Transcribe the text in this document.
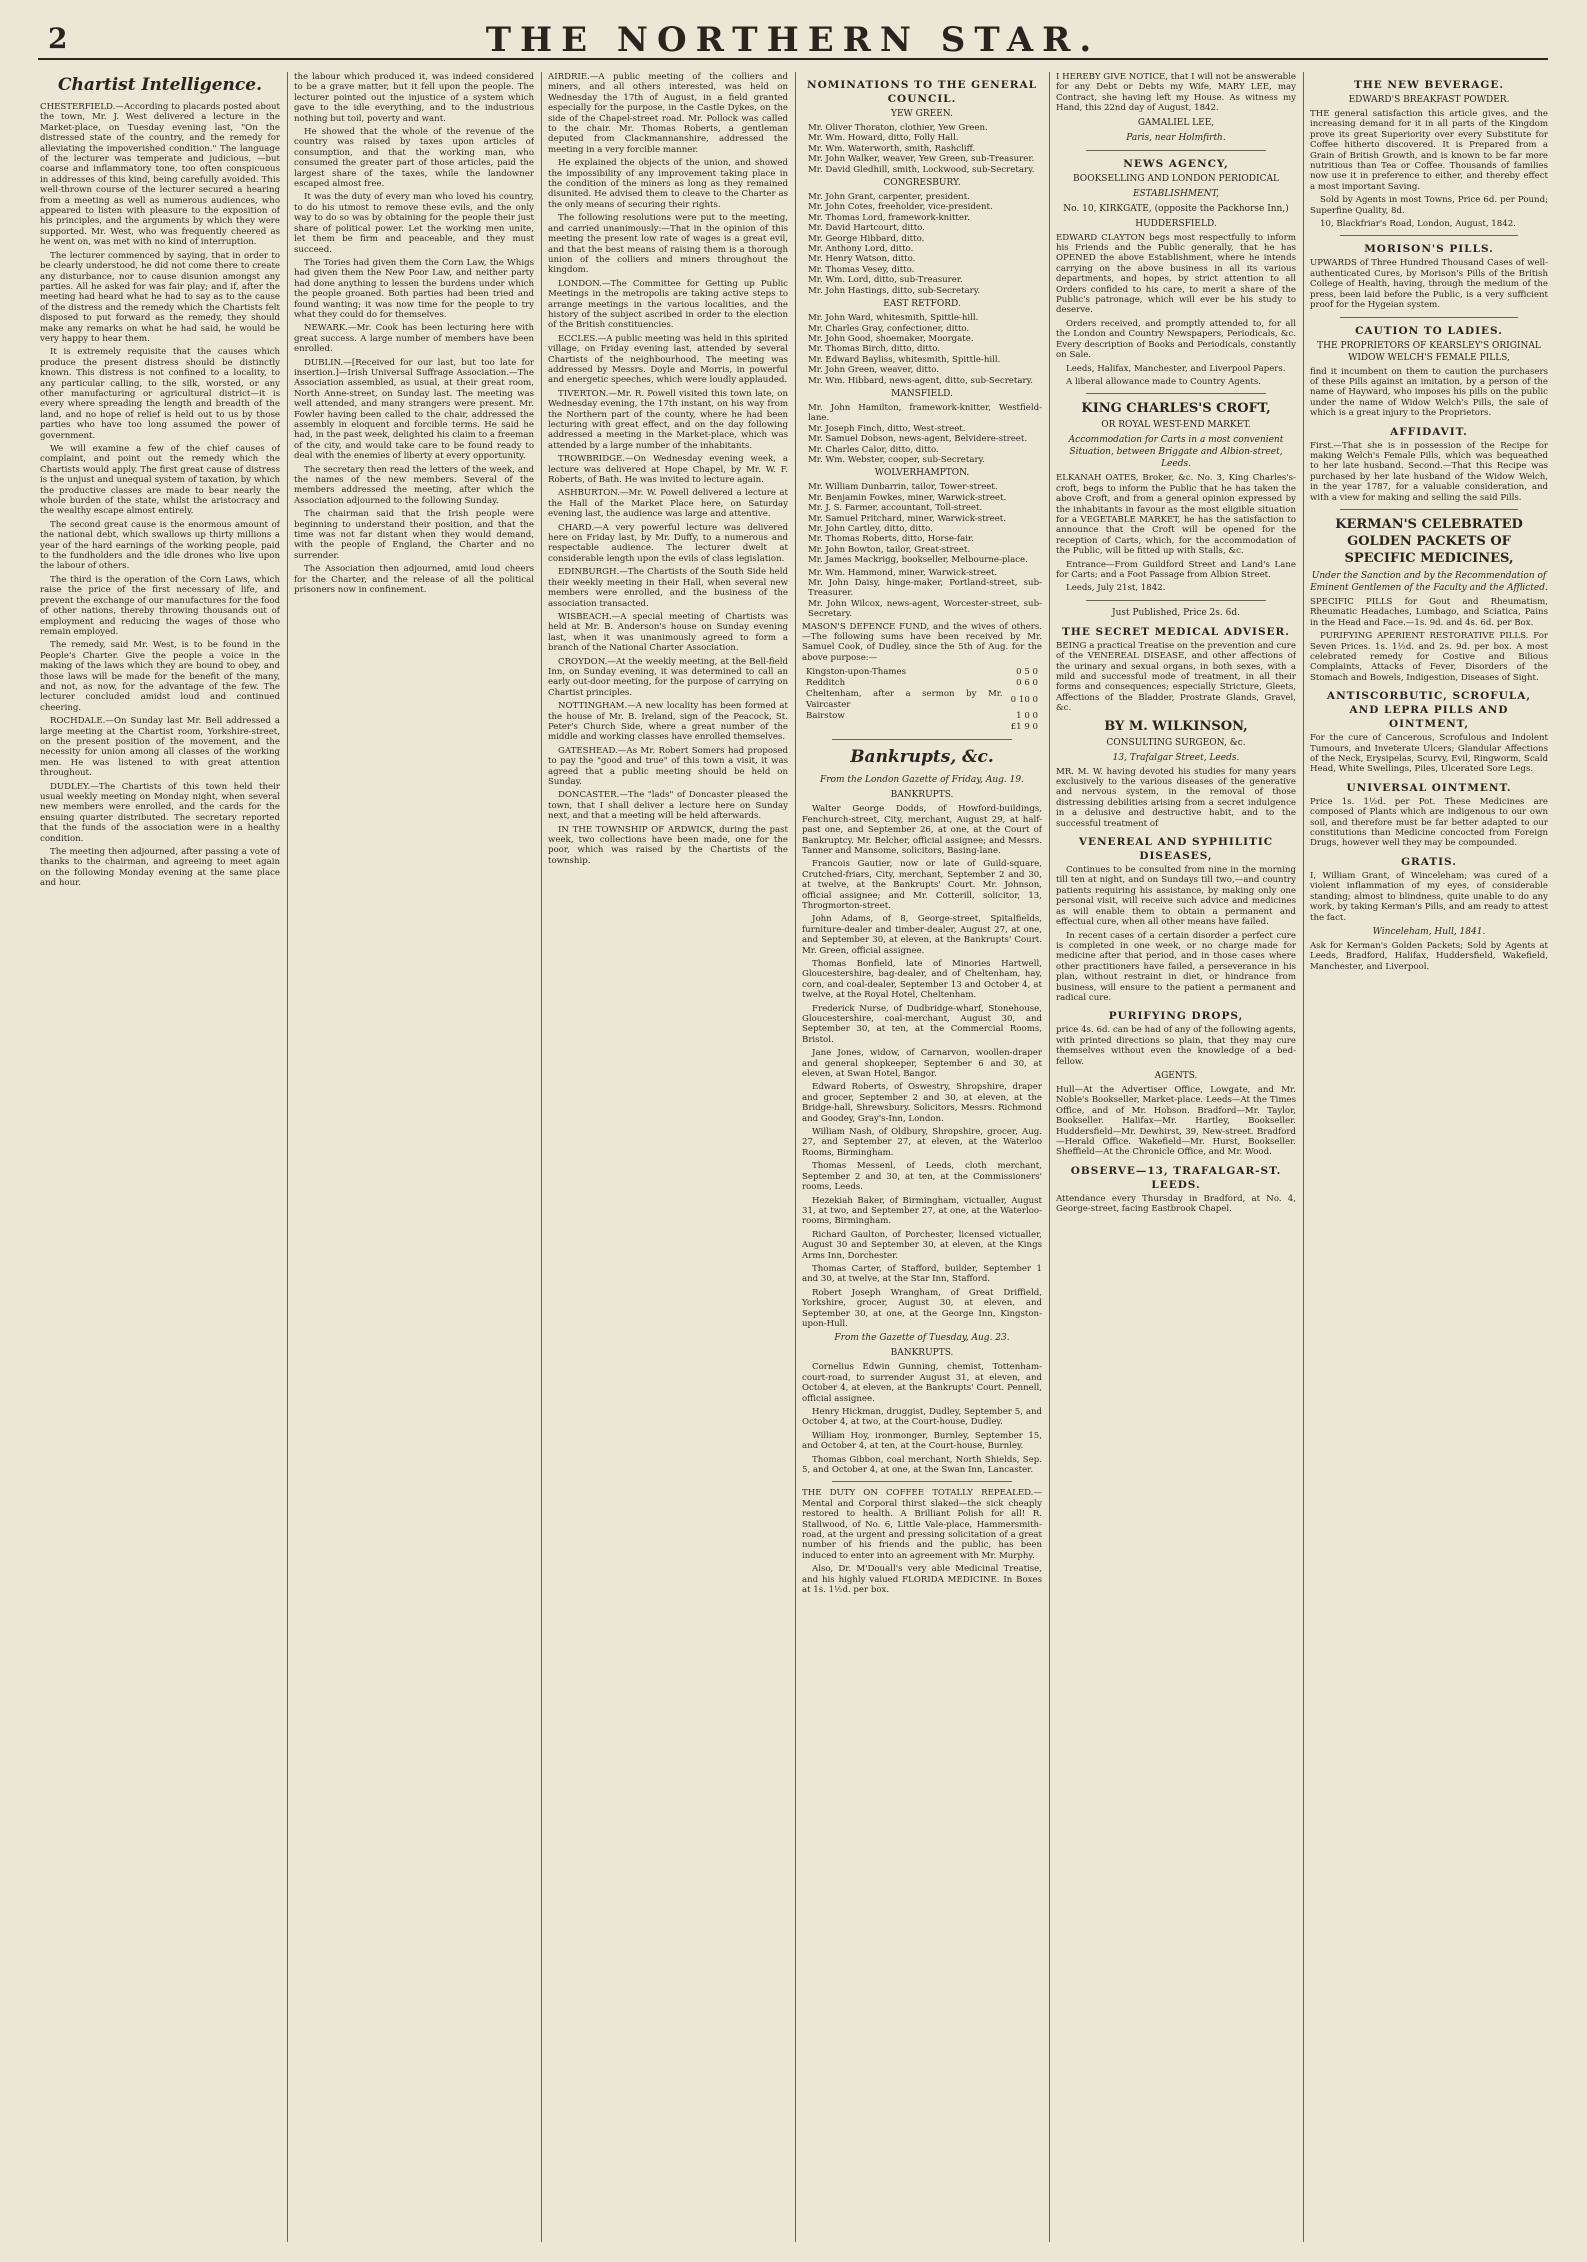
2	THE NORTHERN STAR.
Chartist Intelligence.

CHESTERFIELD.—According to placards posted about the town, Mr. J. West delivered a lecture in the Market-place, on Tuesday evening last, "On the distressed state of the country, and the remedy for alleviating the impoverished condition." The language of the lecturer was temperate and judicious, —but coarse and inflammatory tone, too often conspicuous in addresses of this kind, being carefully avoided. This well-thrown course of the lecturer secured a hearing from a meeting as well as numerous audiences, who appeared to listen with pleasure to the exposition of his principles, and the arguments by which they were supported. Mr. West, who was frequently cheered as he went on, was met with no kind of interruption.

The lecturer commenced by saying, that in order to be clearly understood, he did not come there to create any disturbance, nor to cause disunion amongst any parties. All he asked for was fair play; and if, after the meeting had heard what he had to say as to the cause of the distress and the remedy which the Chartists felt disposed to put forward as the remedy, they should make any remarks on what he had said, he would be very happy to hear them.

It is extremely requisite that the causes which produce the present distress should be distinctly known. This distress is not confined to a locality, to any particular calling, to the silk, worsted, or any other manufacturing or agricultural district—it is every where spreading the length and breadth of the land, and no hope of relief is held out to us by those parties who have too long assumed the power of government.

We will examine a few of the chief causes of complaint, and point out the remedy which the Chartists would apply. The first great cause of distress is the unjust and unequal system of taxation, by which the productive classes are made to bear nearly the whole burden of the state, whilst the aristocracy and the wealthy escape almost entirely.

The second great cause is the enormous amount of the national debt, which swallows up thirty millions a year of the hard earnings of the working people, paid to the fundholders and the idle drones who live upon the labour of others.

The third is the operation of the Corn Laws, which raise the price of the first necessary of life, and prevent the exchange of our manufactures for the food of other nations, thereby throwing thousands out of employment and reducing the wages of those who remain employed.

The remedy, said Mr. West, is to be found in the People's Charter. Give the people a voice in the making of the laws which they are bound to obey, and those laws will be made for the benefit of the many, and not, as now, for the advantage of the few. The lecturer concluded amidst loud and continued cheering.

ROCHDALE.—On Sunday last Mr. Bell addressed a large meeting at the Chartist room, Yorkshire-street, on the present position of the movement, and the necessity for union among all classes of the working men. He was listened to with great attention throughout.

DUDLEY.—The Chartists of this town held their usual weekly meeting on Monday night, when several new members were enrolled, and the cards for the ensuing quarter distributed. The secretary reported that the funds of the association were in a healthy condition.

The meeting then adjourned, after passing a vote of thanks to the chairman, and agreeing to meet again on the following Monday evening at the same place and hour.

the labour which produced it, was indeed considered to be a grave matter, but it fell upon the people. The lecturer pointed out the injustice of a system which gave to the idle everything, and to the industrious nothing but toil, poverty and want.

He showed that the whole of the revenue of the country was raised by taxes upon articles of consumption, and that the working man, who consumed the greater part of those articles, paid the largest share of the taxes, while the landowner escaped almost free.

It was the duty of every man who loved his country, to do his utmost to remove these evils, and the only way to do so was by obtaining for the people their just share of political power. Let the working men unite, let them be firm and peaceable, and they must succeed.

The Tories had given them the Corn Law, the Whigs had given them the New Poor Law, and neither party had done anything to lessen the burdens under which the people groaned. Both parties had been tried and found wanting; it was now time for the people to try what they could do for themselves.

NEWARK.—Mr. Cook has been lecturing here with great success. A large number of members have been enrolled.

DUBLIN.—[Received for our last, but too late for insertion.]—Irish Universal Suffrage Association.—The Association assembled, as usual, at their great room, North Anne-street, on Sunday last. The meeting was well attended, and many strangers were present. Mr. Fowler having been called to the chair, addressed the assembly in eloquent and forcible terms. He said he had, in the past week, delighted his claim to a freeman of the city, and would take care to be found ready to deal with the enemies of liberty at every opportunity.

The secretary then read the letters of the week, and the names of the new members. Several of the members addressed the meeting, after which the Association adjourned to the following Sunday.

The chairman said that the Irish people were beginning to understand their position, and that the time was not far distant when they would demand, with the people of England, the Charter and no surrender.

The Association then adjourned, amid loud cheers for the Charter, and the release of all the political prisoners now in confinement.

AIRDRIE.—A public meeting of the colliers and miners, and all others interested, was held on Wednesday the 17th of August, in a field granted especially for the purpose, in the Castle Dykes, on the side of the Chapel-street road. Mr. Pollock was called to the chair. Mr. Thomas Roberts, a gentleman deputed from Clackmannanshire, addressed the meeting in a very forcible manner.

He explained the objects of the union, and showed the impossibility of any improvement taking place in the condition of the miners as long as they remained disunited. He advised them to cleave to the Charter as the only means of securing their rights.

The following resolutions were put to the meeting, and carried unanimously:—That in the opinion of this meeting the present low rate of wages is a great evil, and that the best means of raising them is a thorough union of the colliers and miners throughout the kingdom.

LONDON.—The Committee for Getting up Public Meetings in the metropolis are taking active steps to arrange meetings in the various localities, and the history of the subject ascribed in order to the election of the British constituencies.

ECCLES.—A public meeting was held in this spirited village, on Friday evening last, attended by several Chartists of the neighbourhood. The meeting was addressed by Messrs. Doyle and Morris, in powerful and energetic speeches, which were loudly applauded.

TIVERTON.—Mr. R. Powell visited this town late, on Wednesday evening, the 17th instant, on his way from the Northern part of the county, where he had been lecturing with great effect, and on the day following addressed a meeting in the Market-place, which was attended by a large number of the inhabitants.

TROWBRIDGE.—On Wednesday evening week, a lecture was delivered at Hope Chapel, by Mr. W. F. Roberts, of Bath. He was invited to lecture again.

ASHBURTON.—Mr. W. Powell delivered a lecture at the Hall of the Market Place here, on Saturday evening last, the audience was large and attentive.

CHARD.—A very powerful lecture was delivered here on Friday last, by Mr. Duffy, to a numerous and respectable audience. The lecturer dwelt at considerable length upon the evils of class legislation.

EDINBURGH.—The Chartists of the South Side held their weekly meeting in their Hall, when several new members were enrolled, and the business of the association transacted.

WISBEACH.—A special meeting of Chartists was held at Mr. B. Anderson's house on Sunday evening last, when it was unanimously agreed to form a branch of the National Charter Association.

CROYDON.—At the weekly meeting, at the Bell-field Inn, on Sunday evening, it was determined to call an early out-door meeting, for the purpose of carrying on Chartist principles.

NOTTINGHAM.—A new locality has been formed at the house of Mr. B. Ireland, sign of the Peacock, St. Peter's Church Side, where a great number of the middle and working classes have enrolled themselves.

GATESHEAD.—As Mr. Robert Somers had proposed to pay the "good and true" of this town a visit, it was agreed that a public meeting should be held on Sunday.

DONCASTER.—The "lads" of Doncaster pleased the town, that I shall deliver a lecture here on Sunday next, and that a meeting will be held afterwards.

IN THE TOWNSHIP OF ARDWICK, during the past week, two collections have been made, one for the poor, which was raised by the Chartists of the township.

NOMINATIONS TO THE GENERAL COUNCIL.
YEW GREEN.
Mr. Oliver Thoraton, clothier, Yew Green.
Mr. Wm. Howard, ditto, Folly Hall.
Mr. Wm. Waterworth, smith, Rashcliff.
Mr. John Walker, weaver, Yew Green, sub-Treasurer.
Mr. David Gledhill, smith, Lockwood, sub-Secretary.
CONGRESBURY.
Mr. John Grant, carpenter, president.
Mr. John Cotes, freeholder, vice-president.
Mr. Thomas Lord, framework-knitter.
Mr. David Hartcourt, ditto.
Mr. George Hibbard, ditto.
Mr. Anthony Lord, ditto.
Mr. Henry Watson, ditto.
Mr. Thomas Vesey, ditto.
Mr. Wm. Lord, ditto, sub-Treasurer.
Mr. John Hastings, ditto, sub-Secretary.
EAST RETFORD.
Mr. John Ward, whitesmith, Spittle-hill.
Mr. Charles Gray, confectioner, ditto.
Mr. John Good, shoemaker, Moorgate.
Mr. Thomas Birch, ditto, ditto.
Mr. Edward Bayliss, whitesmith, Spittle-hill.
Mr. John Green, weaver, ditto.
Mr. Wm. Hibbard, news-agent, ditto, sub-Secretary.
MANSFIELD.
Mr. John Hamilton, framework-knitter, Westfield-lane.
Mr. Joseph Finch, ditto, West-street.
Mr. Samuel Dobson, news-agent, Belvidere-street.
Mr. Charles Calor, ditto, ditto.
Mr. Wm. Webster, cooper, sub-Secretary.
WOLVERHAMPTON.
Mr. William Dunbarrin, tailor, Tower-street.
Mr. Benjamin Fowkes, miner, Warwick-street.
Mr. J. S. Farmer, accountant, Toll-street.
Mr. Samuel Pritchard, miner, Warwick-street.
Mr. John Cartley, ditto, ditto.
Mr. Thomas Roberts, ditto, Horse-fair.
Mr. John Bowton, tailor, Great-street.
Mr. James Mackrigg, bookseller, Melbourne-place.
Mr. Wm. Hammond, miner, Warwick-street.
Mr. John Daisy, hinge-maker, Portland-street, sub-Treasurer.
Mr. John Wilcox, news-agent, Worcester-street, sub-Secretary.

MASON'S DEFENCE FUND, and the wives of others.—The following sums have been received by Mr. Samuel Cook, of Dudley, since the 5th of Aug. for the above purpose:—

Kingston-upon-Thames	0 5 0
Redditch	0 6 0
Cheltenham, after a sermon by Mr. Vaircaster	0 10 0
Bairstow	1 0 0
	£1 9 0
Bankrupts, &c.
From the London Gazette of Friday, Aug. 19.
BANKRUPTS.

Walter George Dodds, of Howford-buildings, Fenchurch-street, City, merchant, August 29, at half-past one, and September 26, at one, at the Court of Bankruptcy. Mr. Belcher, official assignee; and Messrs. Tanner and Mansome, solicitors, Basing-lane.

Francois Gautier, now or late of Guild-square, Crutched-friars, City, merchant, September 2 and 30, at twelve, at the Bankrupts' Court. Mr. Johnson, official assignee; and Mr. Cotterill, solicitor, 13, Throgmorton-street.

John Adams, of 8, George-street, Spitalfields, furniture-dealer and timber-dealer, August 27, at one, and September 30, at eleven, at the Bankrupts' Court. Mr. Green, official assignee.

Thomas Bonfield, late of Minories Hartwell, Gloucestershire, bag-dealer, and of Cheltenham, hay, corn, and coal-dealer, September 13 and October 4, at twelve, at the Royal Hotel, Cheltenham.

Frederick Nurse, of Dudbridge-wharf, Stonehouse, Gloucestershire, coal-merchant, August 30, and September 30, at ten, at the Commercial Rooms, Bristol.

Jane Jones, widow, of Carnarvon, woollen-draper and general shopkeeper, September 6 and 30, at eleven, at Swan Hotel, Bangor.

Edward Roberts, of Oswestry, Shropshire, draper and grocer, September 2 and 30, at eleven, at the Bridge-hall, Shrewsbury. Solicitors, Messrs. Richmond and Goodey, Gray's-Inn, London.

William Nash, of Oldbury, Shropshire, grocer, Aug. 27, and September 27, at eleven, at the Waterloo Rooms, Birmingham.

Thomas Messenl, of Leeds, cloth merchant, September 2 and 30, at ten, at the Commissioners' rooms, Leeds.

Hezekiah Baker, of Birmingham, victualler, August 31, at two, and September 27, at one, at the Waterloo-rooms, Birmingham.

Richard Gaulton, of Porchester, licensed victualler, August 30 and September 30, at eleven, at the Kings Arms Inn, Dorchester.

Thomas Carter, of Stafford, builder, September 1 and 30, at twelve, at the Star Inn, Stafford.

Robert Joseph Wrangham, of Great Driffield, Yorkshire, grocer, August 30, at eleven, and September 30, at one, at the George Inn, Kingston-upon-Hull.

From the Gazette of Tuesday, Aug. 23.
BANKRUPTS.

Cornelius Edwin Gunning, chemist, Tottenham-court-road, to surrender August 31, at eleven, and October 4, at eleven, at the Bankrupts' Court. Pennell, official assignee.

Henry Hickman, druggist, Dudley, September 5, and October 4, at two, at the Court-house, Dudley.

William Hoy, ironmonger, Burnley, September 15, and October 4, at ten, at the Court-house, Burnley.

Thomas Gibbon, coal merchant, North Shields, Sep. 5, and October 4, at one, at the Swan Inn, Lancaster.

THE DUTY ON COFFEE TOTALLY REPEALED.—Mental and Corporal thirst slaked—the sick cheaply restored to health. A Brilliant Polish for all! R. Stallwood, of No. 6, Little Vale-place, Hammersmith-road, at the urgent and pressing solicitation of a great number of his friends and the public, has been induced to enter into an agreement with Mr. Murphy.

Also, Dr. M'Douall's very able Medicinal Treatise, and his highly valued FLORIDA MEDICINE. In Boxes at 1s. 1½d. per box.

I HEREBY GIVE NOTICE, that I will not be answerable for any Debt or Debts my Wife, MARY LEE, may Contract, she having left my House. As witness my Hand, this 22nd day of August, 1842.

GAMALIEL LEE,
Paris, near Holmfirth.
NEWS AGENCY,
BOOKSELLING AND LONDON PERIODICAL
ESTABLISHMENT,
No. 10, KIRKGATE, (opposite the Packhorse Inn,)
HUDDERSFIELD.

EDWARD CLAYTON begs most respectfully to inform his Friends and the Public generally, that he has OPENED the above Establishment, where he intends carrying on the above business in all its various departments, and hopes, by strict attention to all Orders confided to his care, to merit a share of the Public's patronage, which will ever be his study to deserve.

Orders received, and promptly attended to, for all the London and Country Newspapers, Periodicals, &c. Every description of Books and Periodicals, constantly on Sale.

Leeds, Halifax, Manchester, and Liverpool Papers.

A liberal allowance made to Country Agents.

KING CHARLES'S CROFT,
OR ROYAL WEST-END MARKET.
Accommodation for Carts in a most convenient Situation, between Briggate and Albion-street, Leeds.

ELKANAH OATES, Broker, &c. No. 3, King Charles's-croft, begs to inform the Public that he has taken the above Croft, and from a general opinion expressed by the inhabitants in favour as the most eligible situation for a VEGETABLE MARKET, he has the satisfaction to announce that the Croft will be opened for the reception of Carts, which, for the accommodation of the Public, will be fitted up with Stalls, &c.

Entrance—From Guildford Street and Land's Lane for Carts; and a Foot Passage from Albion Street.

Leeds, July 21st, 1842.

Just Published, Price 2s. 6d.
THE SECRET MEDICAL ADVISER.

BEING a practical Treatise on the prevention and cure of the VENEREAL DISEASE, and other affections of the urinary and sexual organs, in both sexes, with a mild and successful mode of treatment, in all their forms and consequences; especially Stricture, Gleets, Affections of the Bladder, Prostrate Glands, Gravel, &c.

BY M. WILKINSON,
CONSULTING SURGEON, &c.
13, Trafalgar Street, Leeds.

MR. M. W. having devoted his studies for many years exclusively to the various diseases of the generative and nervous system, in the removal of those distressing debilities arising from a secret indulgence in a delusive and destructive habit, and to the successful treatment of

VENEREAL AND SYPHILITIC DISEASES,

Continues to be consulted from nine in the morning till ten at night, and on Sundays till two,—and country patients requiring his assistance, by making only one personal visit, will receive such advice and medicines as will enable them to obtain a permanent and effectual cure, when all other means have failed.

In recent cases of a certain disorder a perfect cure is completed in one week, or no charge made for medicine after that period, and in those cases where other practitioners have failed, a perseverance in his plan, without restraint in diet, or hindrance from business, will ensure to the patient a permanent and radical cure.

PURIFYING DROPS,

price 4s. 6d. can be had of any of the following agents, with printed directions so plain, that they may cure themselves without even the knowledge of a bed-fellow.

AGENTS.

Hull—At the Advertiser Office, Lowgate, and Mr. Noble's Bookseller, Market-place. Leeds—At the Times Office, and of Mr. Hobson. Bradford—Mr. Taylor, Bookseller. Halifax—Mr. Hartley, Bookseller. Huddersfield—Mr. Dewhirst, 39, New-street. Bradford—Herald Office. Wakefield—Mr. Hurst, Bookseller. Sheffield—At the Chronicle Office, and Mr. Wood.

OBSERVE—13, TRAFALGAR-ST. LEEDS.

Attendance every Thursday in Bradford, at No. 4, George-street, facing Eastbrook Chapel.

THE NEW BEVERAGE.
EDWARD'S BREAKFAST POWDER.

THE general satisfaction this article gives, and the increasing demand for it in all parts of the Kingdom prove its great Superiority over every Substitute for Coffee hitherto discovered. It is Prepared from a Grain of British Growth, and is known to be far more nutritious than Tea or Coffee. Thousands of families now use it in preference to either, and thereby effect a most important Saving.

Sold by Agents in most Towns, Price 6d. per Pound; Superfine Quality, 8d.

10, Blackfriar's Road, London, August, 1842.

MORISON'S PILLS.

UPWARDS of Three Hundred Thousand Cases of well-authenticated Cures, by Morison's Pills of the British College of Health, having, through the medium of the press, been laid before the Public, is a very sufficient proof for the Hygeian system.

CAUTION TO LADIES.
THE PROPRIETORS OF KEARSLEY'S ORIGINAL WIDOW WELCH'S FEMALE PILLS,

find it incumbent on them to caution the purchasers of these Pills against an imitation, by a person of the name of Hayward, who imposes his pills on the public under the name of Widow Welch's Pills, the sale of which is a great injury to the Proprietors.

AFFIDAVIT.

First.—That she is in possession of the Recipe for making Welch's Female Pills, which was bequeathed to her late husband. Second.—That this Recipe was purchased by her late husband of the Widow Welch, in the year 1787, for a valuable consideration, and with a view for making and selling the said Pills.

KERMAN'S CELEBRATED GOLDEN PACKETS OF SPECIFIC MEDICINES,
Under the Sanction and by the Recommendation of Eminent Gentlemen of the Faculty and the Afflicted.

SPECIFIC PILLS for Gout and Rheumatism, Rheumatic Headaches, Lumbago, and Sciatica, Pains in the Head and Face.—1s. 9d. and 4s. 6d. per Box.

PURIFYING APERIENT RESTORATIVE PILLS. For Seven Prices. 1s. 1½d. and 2s. 9d. per box. A most celebrated remedy for Costive and Bilious Complaints, Attacks of Fever, Disorders of the Stomach and Bowels, Indigestion, Diseases of Sight.

ANTISCORBUTIC, SCROFULA, AND LEPRA PILLS AND OINTMENT,

For the cure of Cancerous, Scrofulous and Indolent Tumours, and Inveterate Ulcers; Glandular Affections of the Neck, Erysipelas, Scurvy, Evil, Ringworm, Scald Head, White Swellings, Piles, Ulcerated Sore Legs.

UNIVERSAL OINTMENT.

Price 1s. 1½d. per Pot. These Medicines are composed of Plants which are indigenous to our own soil, and therefore must be far better adapted to our constitutions than Medicine concocted from Foreign Drugs, however well they may be compounded.

GRATIS.

I, William Grant, of Winceleham; was cured of a violent inflammation of my eyes, of considerable standing; almost to blindness, quite unable to do any work, by taking Kerman's Pills, and am ready to attest the fact.

Winceleham, Hull, 1841.

Ask for Kerman's Golden Packets; Sold by Agents at Leeds, Bradford, Halifax, Huddersfield, Wakefield, Manchester, and Liverpool.
